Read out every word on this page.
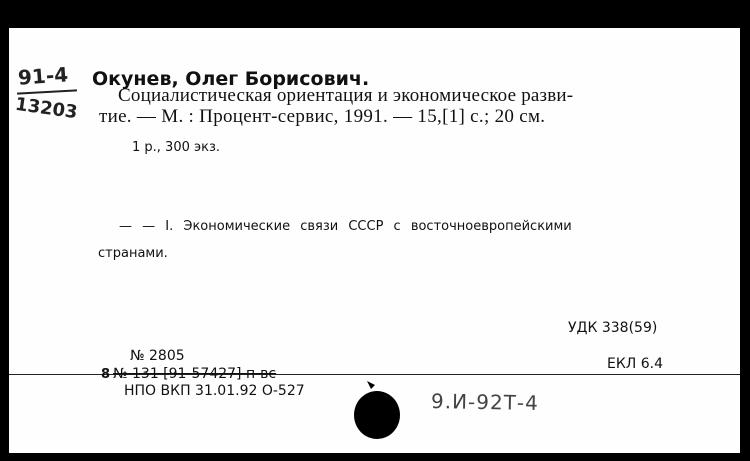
91-4
13203
Окунев, Олег Борисович.
Социалистическая ориентация и экономическое разви-
тие. — М. : Процент-сервис, 1991. — 15,[1] с.; 20 см.
1 р., 300 экз.
— — I. Экономические связи СССР с восточноевропейскими
странами.
УДК 338(59)
№ 2805
8 № 131 [91-57427] п-вс
ЕКЛ 6.4
НПО ВКП 31.01.92 О-527	9.И-92Т-4
